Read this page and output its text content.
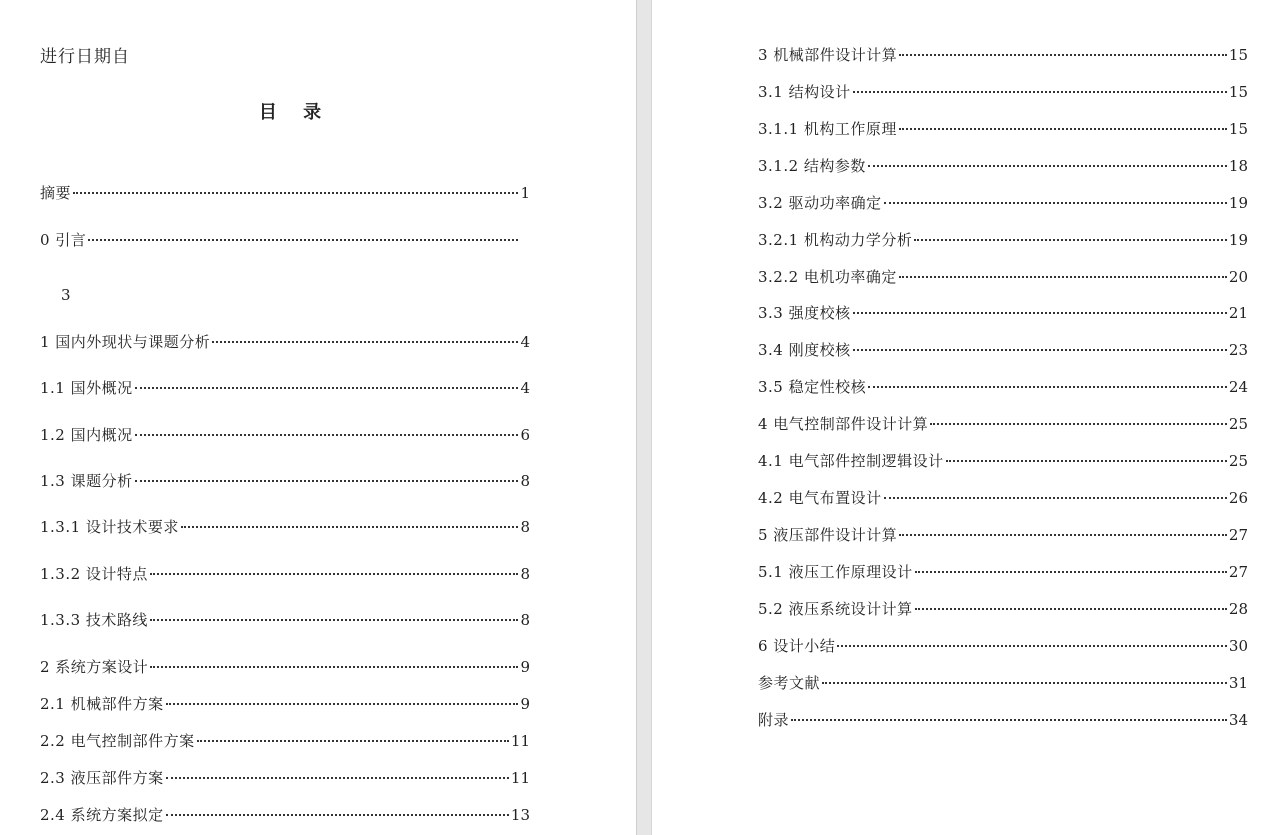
进行日期自
目 录
摘要	1
0 引言
3
1 国内外现状与课题分析	4
1.1 国外概况	4
1.2 国内概况	6
1.3 课题分析	8
1.3.1 设计技术要求	8
1.3.2 设计特点	8
1.3.3 技术路线	8
2 系统方案设计	9
2.1 机械部件方案	9
2.2 电气控制部件方案	11
2.3 液压部件方案	11
2.4 系统方案拟定	13
3 机械部件设计计算	15
3.1 结构设计	15
3.1.1 机构工作原理	15
3.1.2 结构参数	18
3.2 驱动功率确定	19
3.2.1 机构动力学分析	19
3.2.2 电机功率确定	20
3.3 强度校核	21
3.4 刚度校核	23
3.5 稳定性校核	24
4 电气控制部件设计计算	25
4.1 电气部件控制逻辑设计	25
4.2 电气布置设计	26
5 液压部件设计计算	27
5.1 液压工作原理设计	27
5.2 液压系统设计计算	28
6 设计小结	30
参考文献	31
附录	34
